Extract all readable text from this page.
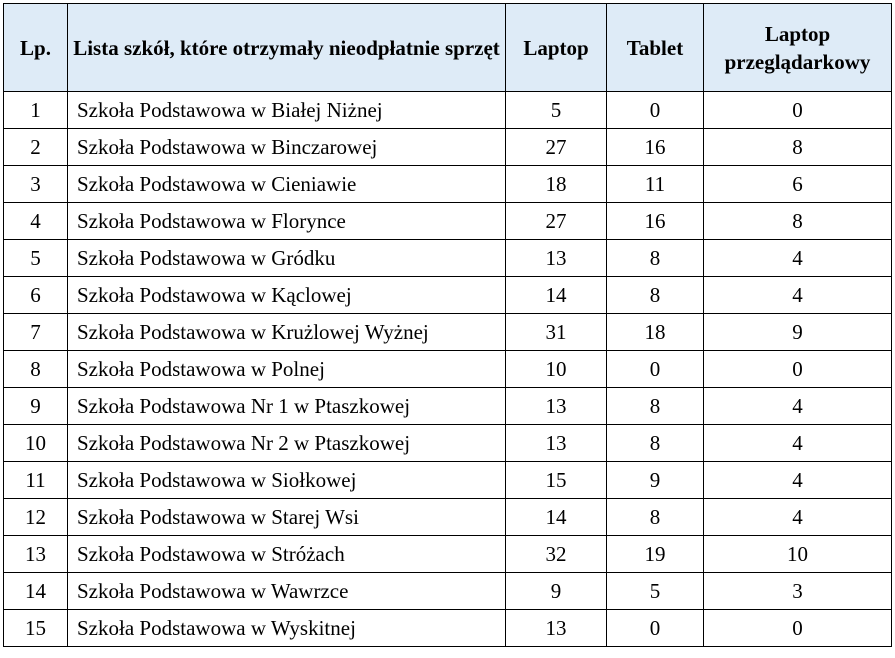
Lp.	Lista szkół, które otrzymały nieodpłatnie sprzęt	Laptop	Tablet	Laptop przeglądarkowy
1	Szkoła Podstawowa w Białej Niżnej	5	0	0
2	Szkoła Podstawowa w Binczarowej	27	16	8
3	Szkoła Podstawowa w Cieniawie	18	11	6
4	Szkoła Podstawowa w Florynce	27	16	8
5	Szkoła Podstawowa w Gródku	13	8	4
6	Szkoła Podstawowa w Kąclowej	14	8	4
7	Szkoła Podstawowa w Krużlowej Wyżnej	31	18	9
8	Szkoła Podstawowa w Polnej	10	0	0
9	Szkoła Podstawowa Nr 1 w Ptaszkowej	13	8	4
10	Szkoła Podstawowa Nr 2 w Ptaszkowej	13	8	4
11	Szkoła Podstawowa w Siołkowej	15	9	4
12	Szkoła Podstawowa w Starej Wsi	14	8	4
13	Szkoła Podstawowa w Stróżach	32	19	10
14	Szkoła Podstawowa w Wawrzce	9	5	3
15	Szkoła Podstawowa w Wyskitnej	13	0	0
